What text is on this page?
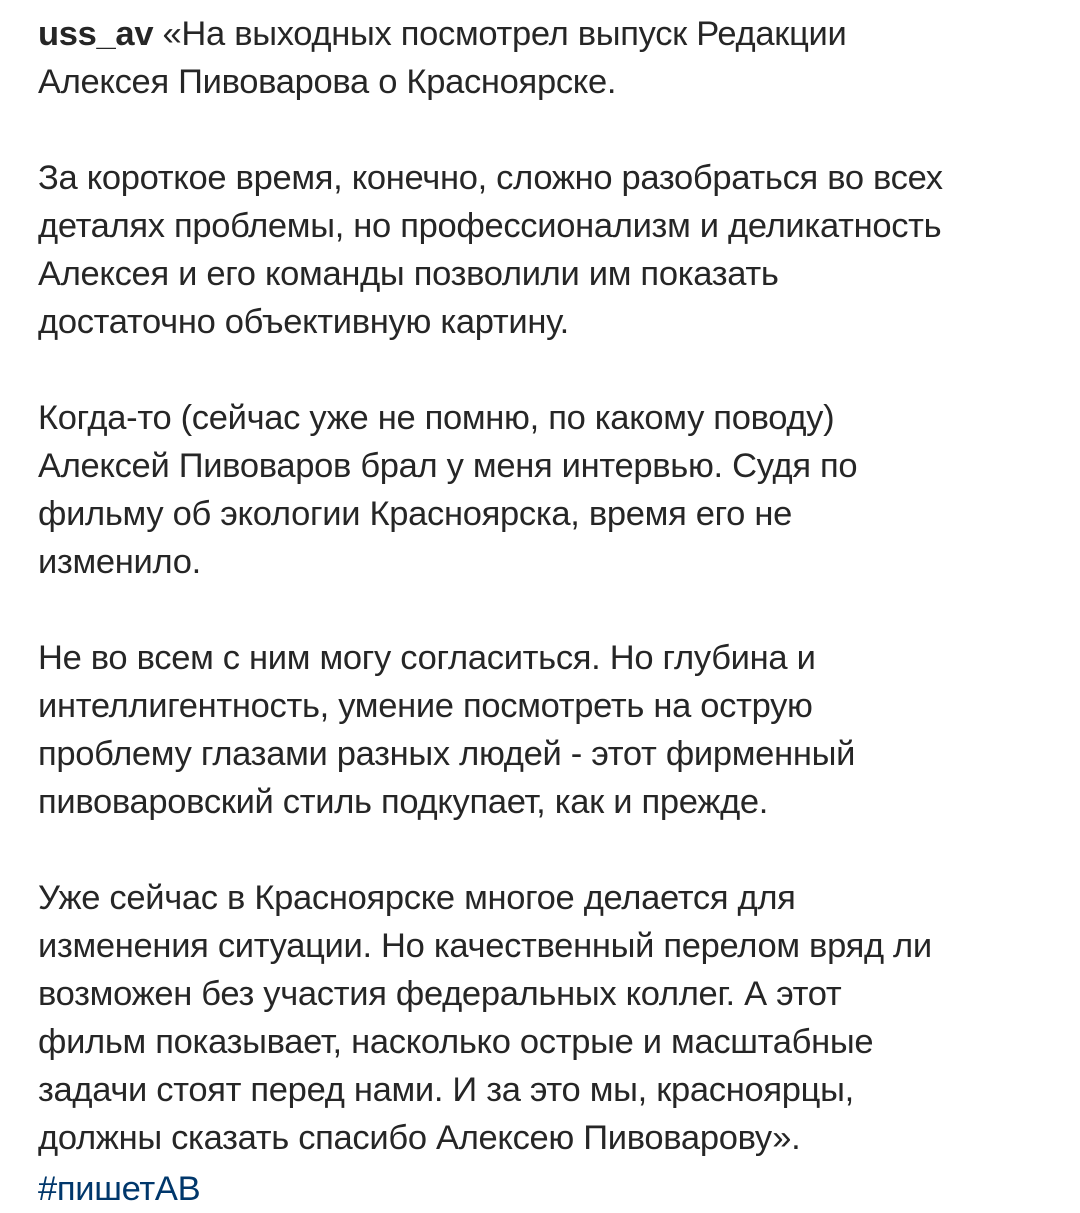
uss_av «На выходных посмотрел выпуск Редакции
Алексея Пивоварова о Красноярске.
За короткое время, конечно, сложно разобраться во всех
деталях проблемы, но профессионализм и деликатность
Алексея и его команды позволили им показать
достаточно объективную картину.
Когда-то (сейчас уже не помню, по какому поводу)
Алексей Пивоваров брал у меня интервью. Судя по
фильму об экологии Красноярска, время его не
изменило.
Не во всем с ним могу согласиться. Но глубина и
интеллигентность, умение посмотреть на острую
проблему глазами разных людей - этот фирменный
пивоваровский стиль подкупает, как и прежде.
Уже сейчас в Красноярске многое делается для
изменения ситуации. Но качественный перелом вряд ли
возможен без участия федеральных коллег. А этот
фильм показывает, насколько острые и масштабные
задачи стоят перед нами. И за это мы, красноярцы,
должны сказать спасибо Алексею Пивоварову».
#пишетАВ
